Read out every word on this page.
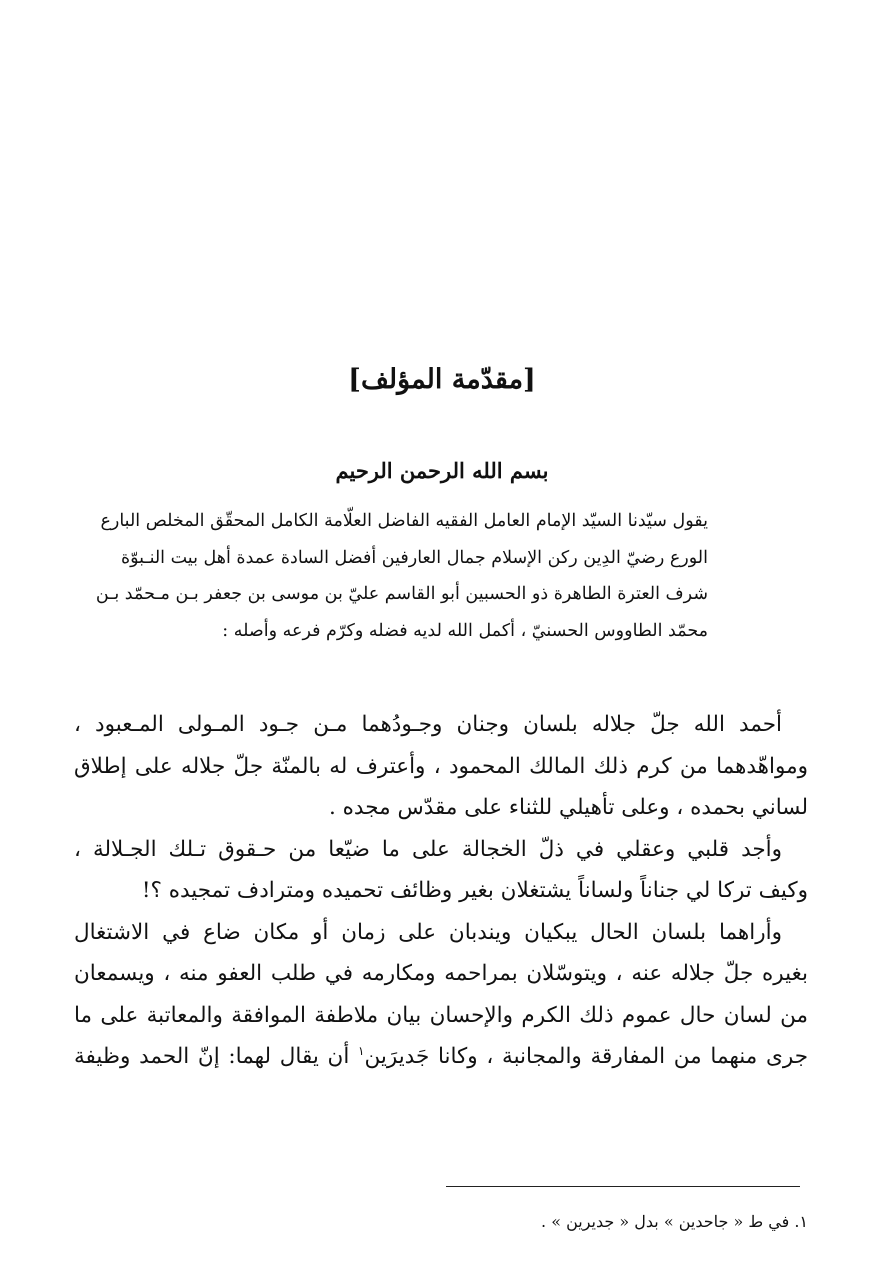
[مقدّمة المؤلف]
بسم الله الرحمن الرحيم

يقول سيّدنا السيّد الإمام العامل الفقيه الفاضل العلّامة الكامل المحقّق المخلص البارع
الورع رضيّ الدِين ركن الإسلام جمال العارفين أفضل السادة عمدة أهل بيت النـبوّة
شرف العترة الطاهرة ذو الحسبين أبو القاسم عليّ بن موسى بن جعفر بـن مـحمّد بـن
محمّد الطاووس الحسنيّ ، أكمل الله لديه فضله وكرّم فرعه وأصله :

أحمد الله جلّ جلاله بلسان وجنان وجـودُهما مـن جـود المـولى المـعبود ،
ومواهّدهما من كرم ذلك المالك المحمود ، وأعترف له بالمنّة جلّ جلاله على إطلاق
لساني بحمده ، وعلى تأهيلي للثناء على مقدّس مجده .

وأجد قلبي وعقلي في ذلّ الخجالة على ما ضيّعا من حـقوق تـلك الجـلالة ،
وكيف تركا لي جناناً ولساناً يشتغلان بغير وظائف تحميده ومترادف تمجيده ؟!

وأراهما بلسان الحال يبكيان ويندبان على زمان أو مكان ضاع في الاشتغال
بغيره جلّ جلاله عنه ، ويتوسّلان بمراحمه ومكارمه في طلب العفو منه ، ويسمعان
من لسان حال عموم ذلك الكرم والإحسان بيان ملاطفة الموافقة والمعاتبة على ما
جرى منهما من المفارقة والمجانبة ، وكانا جَديرَين$^١$ أن يقال لهما: إنّ الحمد وظيفة

١. في ط « جاحدين » بدل « جديرين » .
